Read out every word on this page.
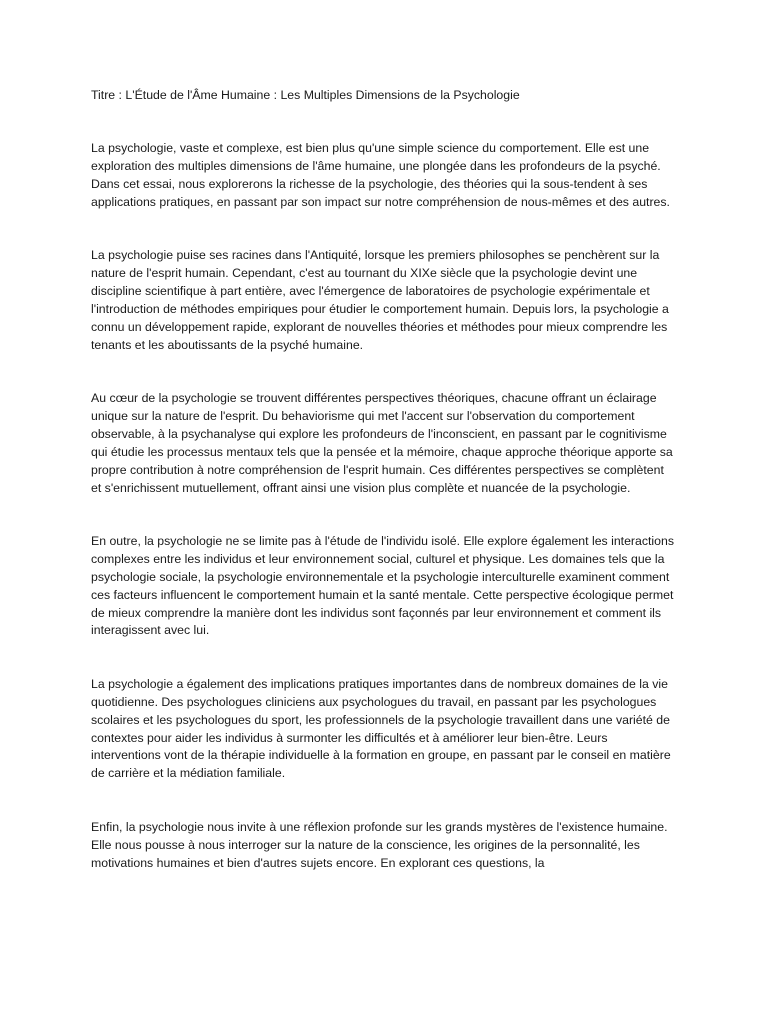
Titre : L'Étude de l'Âme Humaine : Les Multiples Dimensions de la Psychologie

La psychologie, vaste et complexe, est bien plus qu'une simple science du comportement. Elle est une exploration des multiples dimensions de l'âme humaine, une plongée dans les profondeurs de la psyché. Dans cet essai, nous explorerons la richesse de la psychologie, des théories qui la sous-tendent à ses applications pratiques, en passant par son impact sur notre compréhension de nous-mêmes et des autres.

La psychologie puise ses racines dans l'Antiquité, lorsque les premiers philosophes se penchèrent sur la nature de l'esprit humain. Cependant, c'est au tournant du XIXe siècle que la psychologie devint une discipline scientifique à part entière, avec l'émergence de laboratoires de psychologie expérimentale et l'introduction de méthodes empiriques pour étudier le comportement humain. Depuis lors, la psychologie a connu un développement rapide, explorant de nouvelles théories et méthodes pour mieux comprendre les tenants et les aboutissants de la psyché humaine.

Au cœur de la psychologie se trouvent différentes perspectives théoriques, chacune offrant un éclairage unique sur la nature de l'esprit. Du behaviorisme qui met l'accent sur l'observation du comportement observable, à la psychanalyse qui explore les profondeurs de l'inconscient, en passant par le cognitivisme qui étudie les processus mentaux tels que la pensée et la mémoire, chaque approche théorique apporte sa propre contribution à notre compréhension de l'esprit humain. Ces différentes perspectives se complètent et s'enrichissent mutuellement, offrant ainsi une vision plus complète et nuancée de la psychologie.

En outre, la psychologie ne se limite pas à l'étude de l'individu isolé. Elle explore également les interactions complexes entre les individus et leur environnement social, culturel et physique. Les domaines tels que la psychologie sociale, la psychologie environnementale et la psychologie interculturelle examinent comment ces facteurs influencent le comportement humain et la santé mentale. Cette perspective écologique permet de mieux comprendre la manière dont les individus sont façonnés par leur environnement et comment ils interagissent avec lui.

La psychologie a également des implications pratiques importantes dans de nombreux domaines de la vie quotidienne. Des psychologues cliniciens aux psychologues du travail, en passant par les psychologues scolaires et les psychologues du sport, les professionnels de la psychologie travaillent dans une variété de contextes pour aider les individus à surmonter les difficultés et à améliorer leur bien-être. Leurs interventions vont de la thérapie individuelle à la formation en groupe, en passant par le conseil en matière de carrière et la médiation familiale.

Enfin, la psychologie nous invite à une réflexion profonde sur les grands mystères de l'existence humaine. Elle nous pousse à nous interroger sur la nature de la conscience, les origines de la personnalité, les motivations humaines et bien d'autres sujets encore. En explorant ces questions, la
